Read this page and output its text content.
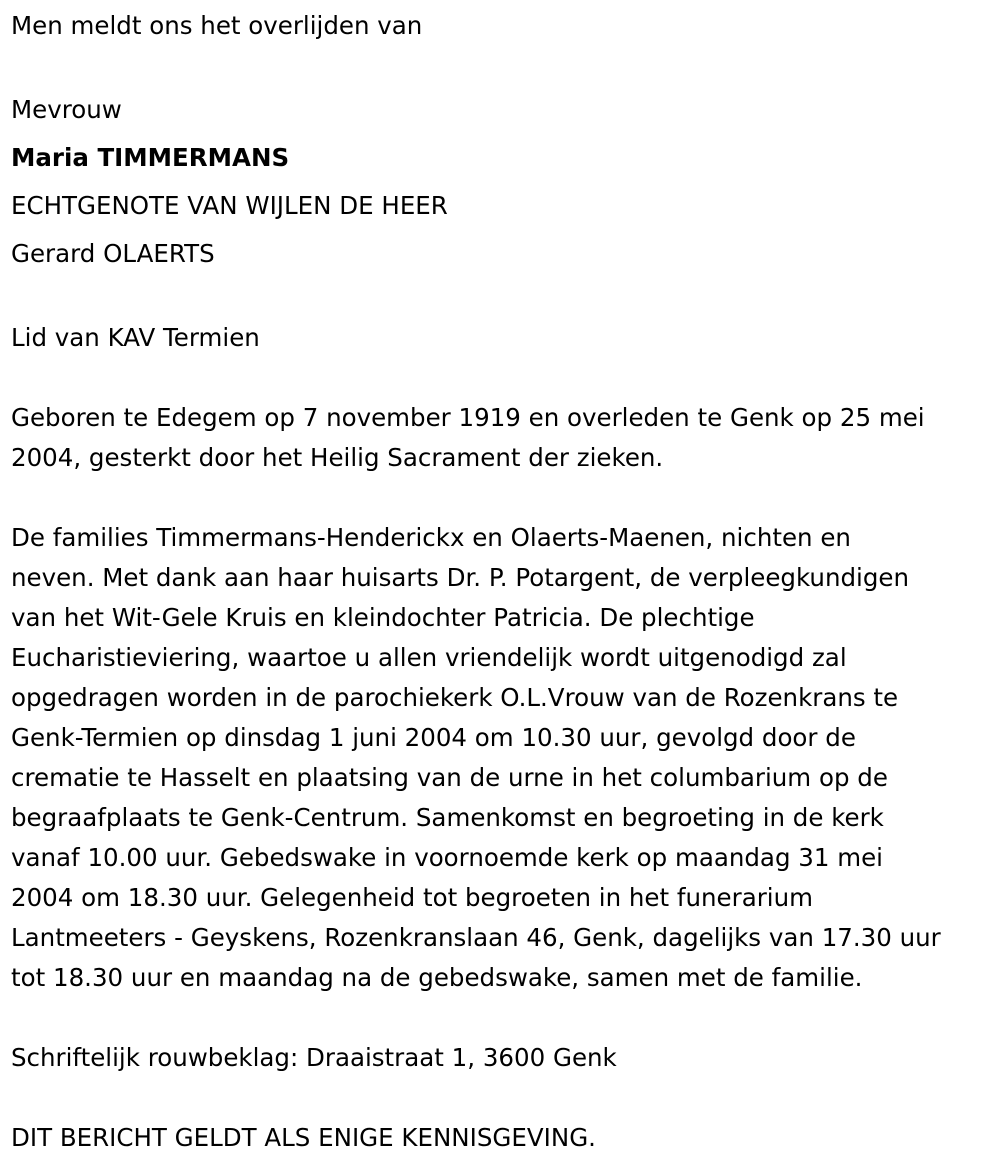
Men meldt ons het overlijden van
Mevrouw
Maria TIMMERMANS
ECHTGENOTE VAN WIJLEN DE HEER
Gerard OLAERTS
Lid van KAV Termien
Geboren te Edegem op 7 november 1919 en overleden te Genk op 25 mei
2004, gesterkt door het Heilig Sacrament der zieken.
De families Timmermans-Henderickx en Olaerts-Maenen, nichten en
neven. Met dank aan haar huisarts Dr. P. Potargent, de verpleegkundigen
van het Wit-Gele Kruis en kleindochter Patricia. De plechtige
Eucharistieviering, waartoe u allen vriendelijk wordt uitgenodigd zal
opgedragen worden in de parochiekerk O.L.Vrouw van de Rozenkrans te
Genk-Termien op dinsdag 1 juni 2004 om 10.30 uur, gevolgd door de
crematie te Hasselt en plaatsing van de urne in het columbarium op de
begraafplaats te Genk-Centrum. Samenkomst en begroeting in de kerk
vanaf 10.00 uur. Gebedswake in voornoemde kerk op maandag 31 mei
2004 om 18.30 uur. Gelegenheid tot begroeten in het funerarium
Lantmeeters - Geyskens, Rozenkranslaan 46, Genk, dagelijks van 17.30 uur
tot 18.30 uur en maandag na de gebedswake, samen met de familie.
Schriftelijk rouwbeklag: Draaistraat 1, 3600 Genk
DIT BERICHT GELDT ALS ENIGE KENNISGEVING.
